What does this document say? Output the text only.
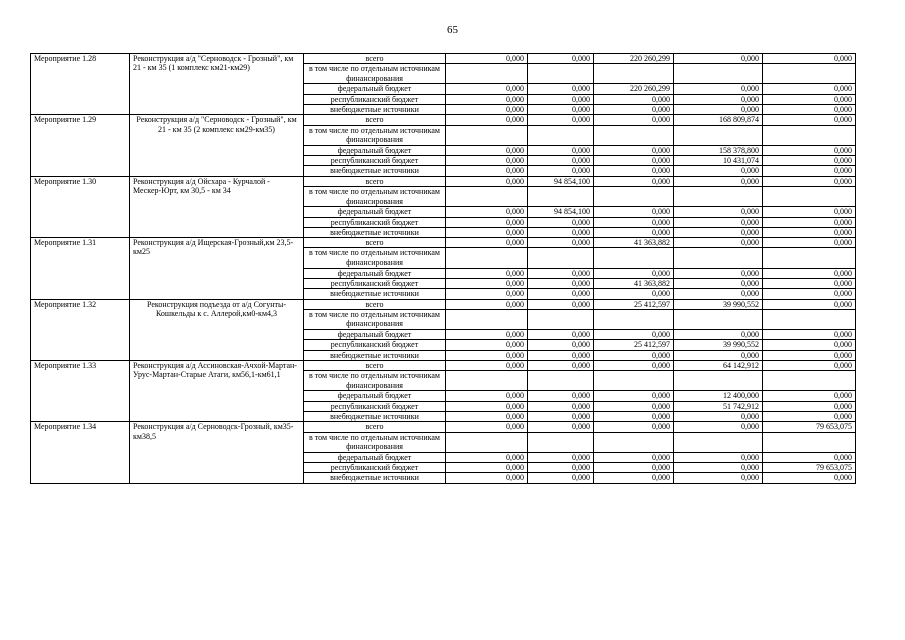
65
Мероприятие 1.28	Реконструкция а/д "Серноводск - Грозный", км 21 - км 35 (1 комплекс км21-км29)	всего	0,000	0,000	220 260,299	0,000	0,000
		в том числе по отдельным источникам финансирования					
		федеральный бюджет	0,000	0,000	220 260,299	0,000	0,000
		республиканский бюджет	0,000	0,000	0,000	0,000	0,000
		внебюджетные источники	0,000	0,000	0,000	0,000	0,000
Мероприятие 1.29	Реконструкция а/д "Серноводск - Грозный", км 21 - км 35 (2 комплекс км29-км35)	всего	0,000	0,000	0,000	168 809,874	0,000
		в том числе по отдельным источникам финансирования					
		федеральный бюджет	0,000	0,000	0,000	158 378,800	0,000
		республиканский бюджет	0,000	0,000	0,000	10 431,074	0,000
		внебюджетные источники	0,000	0,000	0,000	0,000	0,000
Мероприятие 1.30	Реконструкция а/д Ойсхара - Курчалой - Мескер-Юрт, км 30,5 - км 34	всего	0,000	94 854,100	0,000	0,000	0,000
		в том числе по отдельным источникам финансирования					
		федеральный бюджет	0,000	94 854,100	0,000	0,000	0,000
		республиканский бюджет	0,000	0,000	0,000	0,000	0,000
		внебюджетные источники	0,000	0,000	0,000	0,000	0,000
Мероприятие 1.31	Реконструкция а/д Ищерская-Грозный,км 23,5-км25	всего	0,000	0,000	41 363,882	0,000	0,000
		в том числе по отдельным источникам финансирования					
		федеральный бюджет	0,000	0,000	0,000	0,000	0,000
		республиканский бюджет	0,000	0,000	41 363,882	0,000	0,000
		внебюджетные источники	0,000	0,000	0,000	0,000	0,000
Мероприятие 1.32	Реконструкция подъезда от а/д Согунты-Кошкельды к с. Аллерой,км0-км4,3	всего	0,000	0,000	25 412,597	39 990,552	0,000
		в том числе по отдельным источникам финансирования					
		федеральный бюджет	0,000	0,000	0,000	0,000	0,000
		республиканский бюджет	0,000	0,000	25 412,597	39 990,552	0,000
		внебюджетные источники	0,000	0,000	0,000	0,000	0,000
Мероприятие 1.33	Реконструкция а/д Ассиновская-Ачхой-Мартан-Урус-Мартан-Старые Атаги, км56,1-км61,1	всего	0,000	0,000	0,000	64 142,912	0,000
		в том числе по отдельным источникам финансирования					
		федеральный бюджет	0,000	0,000	0,000	12 400,000	0,000
		республиканский бюджет	0,000	0,000	0,000	51 742,912	0,000
		внебюджетные источники	0,000	0,000	0,000	0,000	0,000
Мероприятие 1.34	Реконструкция а/д Серноводск-Грозный, км35-км38,5	всего	0,000	0,000	0,000	0,000	79 653,075
		в том числе по отдельным источникам финансирования					
		федеральный бюджет	0,000	0,000	0,000	0,000	0,000
		республиканский бюджет	0,000	0,000	0,000	0,000	79 653,075
		внебюджетные источники	0,000	0,000	0,000	0,000	0,000
